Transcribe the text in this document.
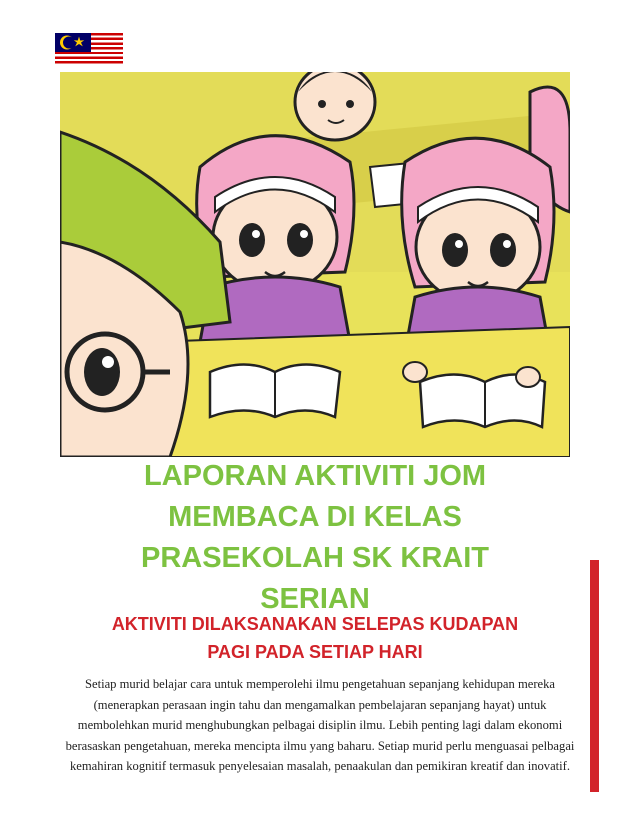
LAPORAN AKTIVITI JOM
MEMBACA DI KELAS
PRASEKOLAH SK KRAIT
SERIAN
AKTIVITI DILAKSANAKAN SELEPAS KUDAPAN
PAGI PADA SETIAP HARI

Setiap murid belajar cara untuk memperolehi ilmu pengetahuan sepanjang kehidupan mereka (menerapkan perasaan ingin tahu dan mengamalkan pembelajaran sepanjang hayat) untuk membolehkan murid menghubungkan pelbagai disiplin ilmu. Lebih penting lagi dalam ekonomi berasaskan pengetahuan, mereka mencipta ilmu yang baharu. Setiap murid perlu menguasai pelbagai kemahiran kognitif termasuk penyelesaian masalah, penaakulan dan pemikiran kreatif dan inovatif.
